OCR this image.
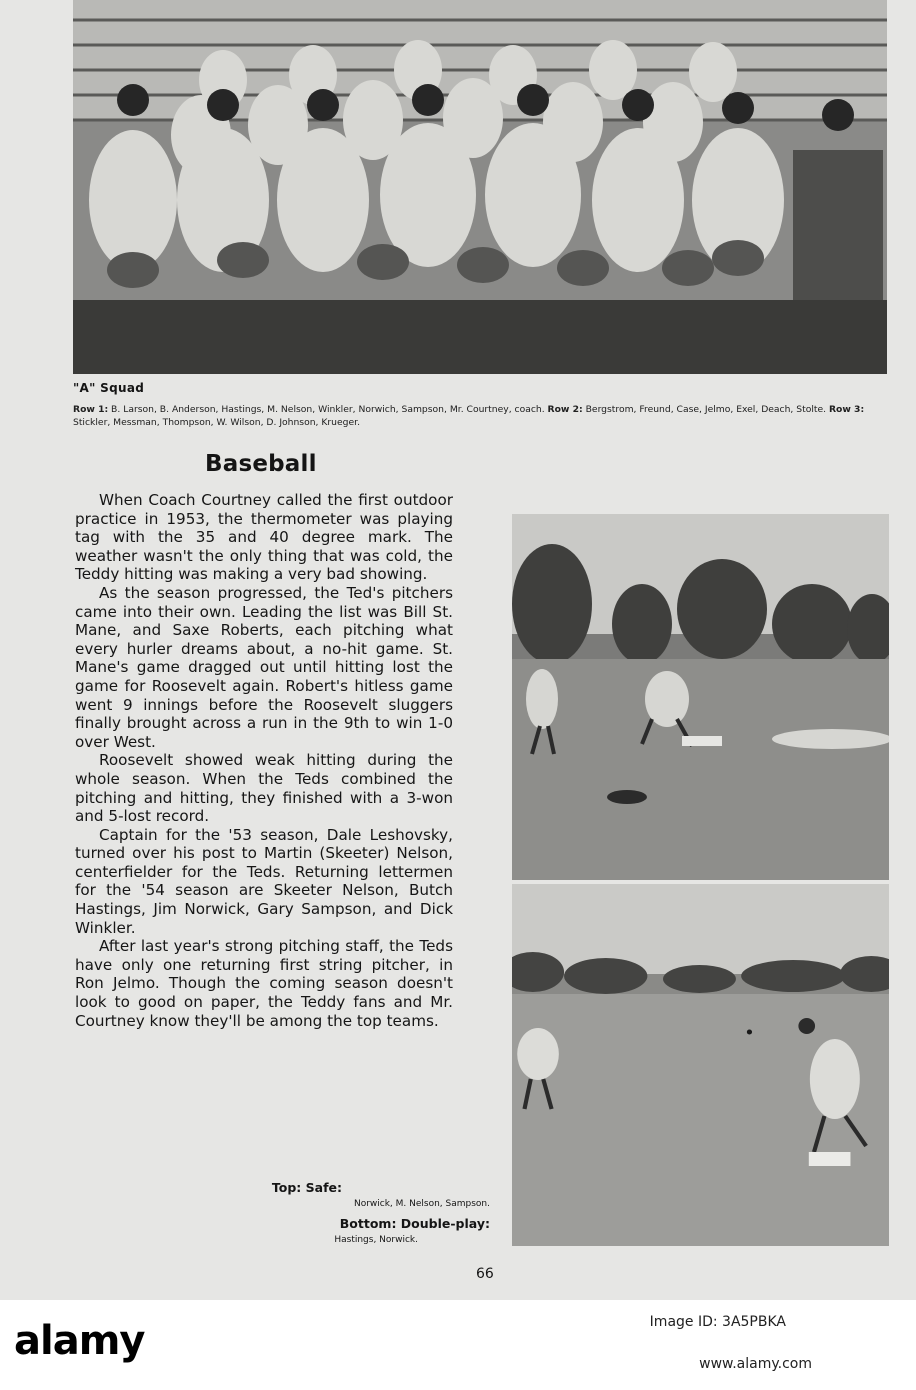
"A" Squad
Row 1: B. Larson, B. Anderson, Hastings, M. Nelson, Winkler, Norwich, Sampson, Mr. Courtney, coach. Row 2: Bergstrom, Freund, Case, Jelmo, Exel, Deach, Stolte. Row 3: Stickler, Messman, Thompson, W. Wilson, D. Johnson, Krueger.
Baseball

When Coach Courtney called the first outdoor practice in 1953, the thermometer was playing tag with the 35 and 40 degree mark. The weather wasn't the only thing that was cold, the Teddy hitting was making a very bad showing.

As the season progressed, the Ted's pitchers came into their own. Leading the list was Bill St. Mane, and Saxe Roberts, each pitching what every hurler dreams about, a no-hit game. St. Mane's game dragged out until hitting lost the game for Roosevelt again. Robert's hitless game went 9 innings before the Roosevelt sluggers finally brought across a run in the 9th to win 1-0 over West.

Roosevelt showed weak hitting during the whole season. When the Teds combined the pitching and hitting, they finished with a 3-won and 5-lost record.

Captain for the '53 season, Dale Leshovsky, turned over his post to Martin (Skeeter) Nelson, centerfielder for the Teds. Returning lettermen for the '54 season are Skeeter Nelson, Butch Hastings, Jim Norwick, Gary Sampson, and Dick Winkler.

After last year's strong pitching staff, the Teds have only one returning first string pitcher, in Ron Jelmo. Though the coming season doesn't look to good on paper, the Teddy fans and Mr. Courtney know they'll be among the top teams.

Top: Safe:
Norwick, M. Nelson, Sampson.
Bottom: Double-play:
Hastings, Norwick.
66
alamy	Image ID: 3A5PBKA
www.alamy.com
